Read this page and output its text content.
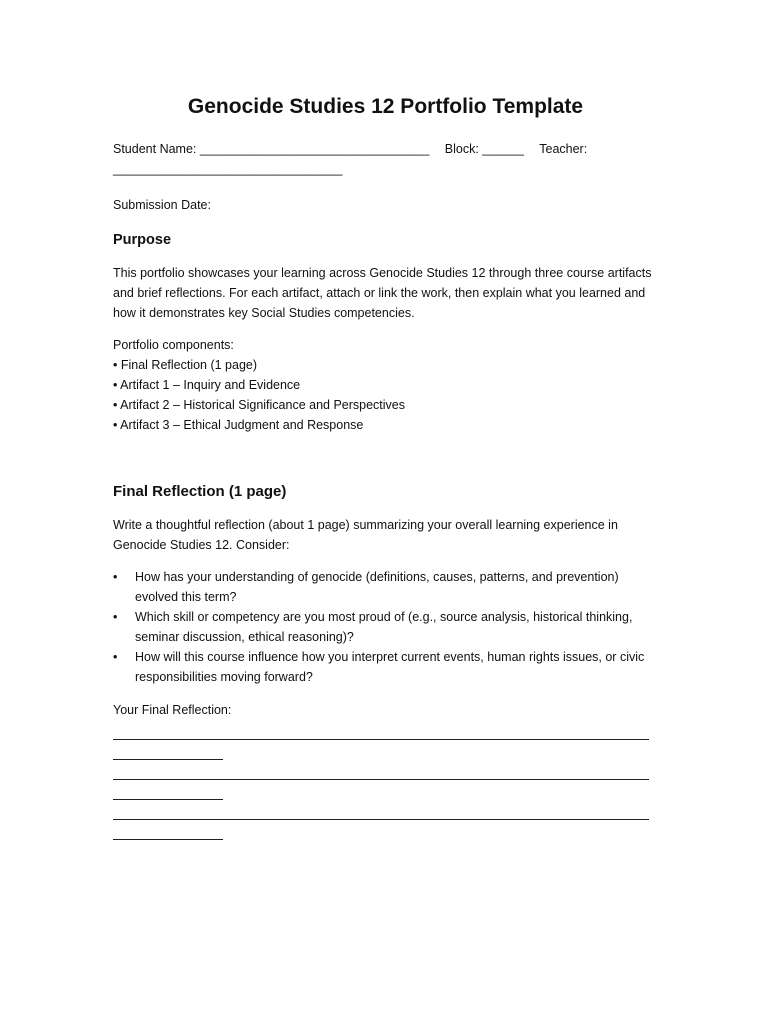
Genocide Studies 12 Portfolio Template
Student Name: _________________________________ Block: ______ Teacher:
_________________________________
Submission Date:
Purpose

This portfolio showcases your learning across Genocide Studies 12 through three course artifacts and brief reflections. For each artifact, attach or link the work, then explain what you learned and how it demonstrates key Social Studies competencies.

Portfolio components:
• Final Reflection (1 page)
• Artifact 1 – Inquiry and Evidence
• Artifact 2 – Historical Significance and Perspectives
• Artifact 3 – Ethical Judgment and Response
Final Reflection (1 page)

Write a thoughtful reflection (about 1 page) summarizing your overall learning experience in Genocide Studies 12. Consider:

• How has your understanding of genocide (definitions, causes, patterns, and prevention) evolved this term?
• Which skill or competency are you most proud of (e.g., source analysis, historical thinking, seminar discussion, ethical reasoning)?
• How will this course influence how you interpret current events, human rights issues, or civic responsibilities moving forward?
Your Final Reflection:
